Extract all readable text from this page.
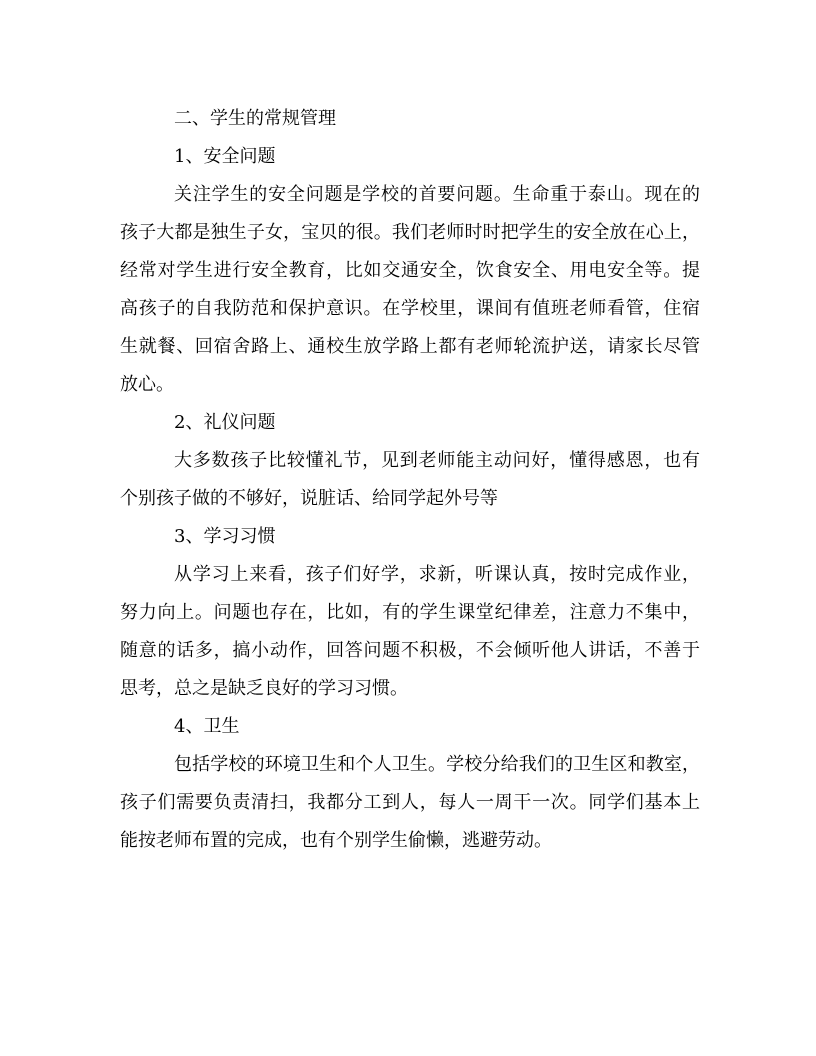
二、学生的常规管理

1、安全问题

关注学生的安全问题是学校的首要问题。生命重于泰山。现在的

孩子大都是独生子女，宝贝的很。我们老师时时把学生的安全放在心上，

经常对学生进行安全教育，比如交通安全，饮食安全、用电安全等。提

高孩子的自我防范和保护意识。在学校里，课间有值班老师看管，住宿

生就餐、回宿舍路上、通校生放学路上都有老师轮流护送，请家长尽管

放心。

2、礼仪问题

大多数孩子比较懂礼节，见到老师能主动问好，懂得感恩，也有

个别孩子做的不够好，说脏话、给同学起外号等

3、学习习惯

从学习上来看，孩子们好学，求新，听课认真，按时完成作业，

努力向上。问题也存在，比如，有的学生课堂纪律差，注意力不集中，

随意的话多，搞小动作，回答问题不积极，不会倾听他人讲话，不善于

思考，总之是缺乏良好的学习习惯。

4、卫生

包括学校的环境卫生和个人卫生。学校分给我们的卫生区和教室，

孩子们需要负责清扫，我都分工到人，每人一周干一次。同学们基本上

能按老师布置的完成，也有个别学生偷懒，逃避劳动。
